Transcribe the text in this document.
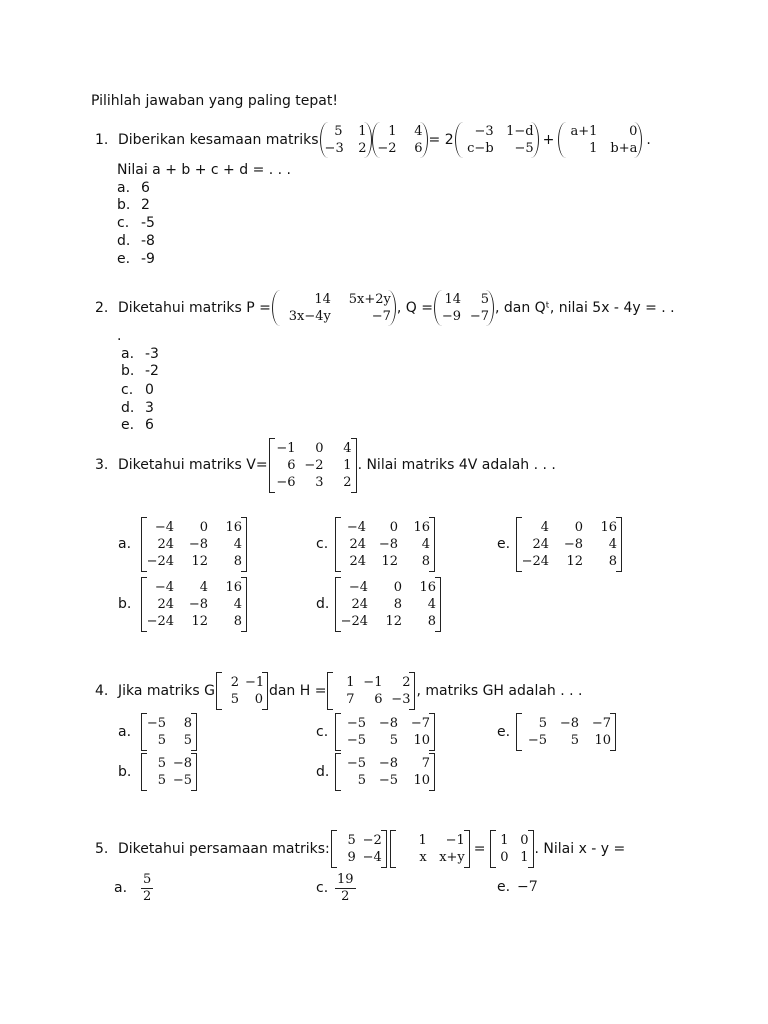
Pilihlah jawaban yang paling tepat!
1. Diberikan kesamaan matriks
5	1
−3	2
1	4
−2	6
= 2
−3 1−d
c−b	−5
+
a+1	0
1	b+a
.
Nilai a + b + c + d = . . .
a. 6
b. 2
c. -5
d. -8
e. -9
2. Diketahui matriks P =
14	5x+2y
3x−4y	−7
, Q =
14	5
−9 −7
, dan Qᵗ, nilai 5x - 4y = . .
.
a. -3
b. -2
c. 0
d. 3
e. 6
3. Diketahui matriks V=
−1	0	4
6 −2	1
−6	3	2
. Nilai matriks 4V adalah . . .
a.
−4	0	16
24	−8	4
−24	12	8
b.
−4	4	16
24	−8	4
−24	12	8
c.
−4	0	16
24 −8	4
24	12	8
d.
−4	0	16
24	8	4
−24	12	8
e.
4	0	16
24	−8	4
−24	12	8
4. Jika matriks G
2 −1
5	0
dan H =
1 −1	2
7	6 −3
, matriks GH adalah . . .
a.
−5	8
5	5
b.
5 −8
5 −5
c.
−5 −8 −7
−5	5	10
d.
−5 −8	7
5 −5	10
e.
5 −8 −7
−5	5	10
5. Diketahui persamaan matriks:
5 −2
9 −4
1	−1
x x+y
=
1 0
0 1
. Nilai x - y =
a.	$\frac{5}{2}$	c. $\frac{19}{2}$	e. −7
